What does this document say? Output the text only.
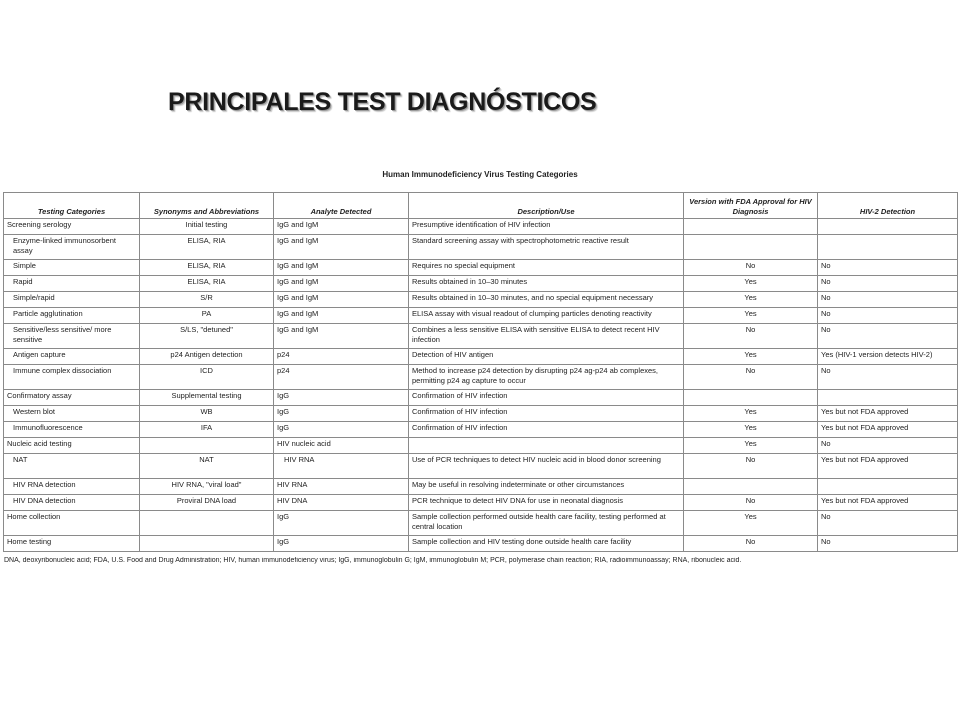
PRINCIPALES TEST DIAGNÓSTICOS
Human Immunodeficiency Virus Testing Categories
Testing Categories	Synonyms and Abbreviations	Analyte Detected	Description/Use	Version with FDA Approval for HIV Diagnosis	HIV-2 Detection
Screening serology	Initial testing	IgG and IgM	Presumptive identification of HIV infection		
Enzyme-linked immunosorbent assay	ELISA, RIA	IgG and IgM	Standard screening assay with spectrophotometric reactive result		
Simple	ELISA, RIA	IgG and IgM	Requires no special equipment	No	No
Rapid	ELISA, RIA	IgG and IgM	Results obtained in 10–30 minutes	Yes	No
Simple/rapid	S/R	IgG and IgM	Results obtained in 10–30 minutes, and no special equipment necessary	Yes	No
Particle agglutination	PA	IgG and IgM	ELISA assay with visual readout of clumping particles denoting reactivity	Yes	No
Sensitive/less sensitive/ more sensitive	S/LS, "detuned"	IgG and IgM	Combines a less sensitive ELISA with sensitive ELISA to detect recent HIV infection	No	No
Antigen capture	p24 Antigen detection	p24	Detection of HIV antigen	Yes	Yes (HIV-1 version detects HIV-2)
Immune complex dissociation	ICD	p24	Method to increase p24 detection by disrupting p24 ag-p24 ab complexes, permitting p24 ag capture to occur	No	No
Confirmatory assay	Supplemental testing	IgG	Confirmation of HIV infection		
Western blot	WB	IgG	Confirmation of HIV infection	Yes	Yes but not FDA approved
Immunofluorescence	IFA	IgG	Confirmation of HIV infection	Yes	Yes but not FDA approved
Nucleic acid testing		HIV nucleic acid		Yes	No
NAT	NAT	HIV RNA	Use of PCR techniques to detect HIV nucleic acid in blood donor screening	No	Yes but not FDA approved
HIV RNA detection	HIV RNA, "viral load"	HIV RNA	May be useful in resolving indeterminate or other circumstances		
HIV DNA detection	Proviral DNA load	HIV DNA	PCR technique to detect HIV DNA for use in neonatal diagnosis	No	Yes but not FDA approved
Home collection		IgG	Sample collection performed outside health care facility, testing performed at central location	Yes	No
Home testing		IgG	Sample collection and HIV testing done outside health care facility	No	No
DNA, deoxyribonucleic acid; FDA, U.S. Food and Drug Administration; HIV, human immunodeficiency virus; IgG, immunoglobulin G; IgM, immunoglobulin M; PCR, polymerase chain reaction; RIA, radioimmunoassay; RNA, ribonucleic acid.
